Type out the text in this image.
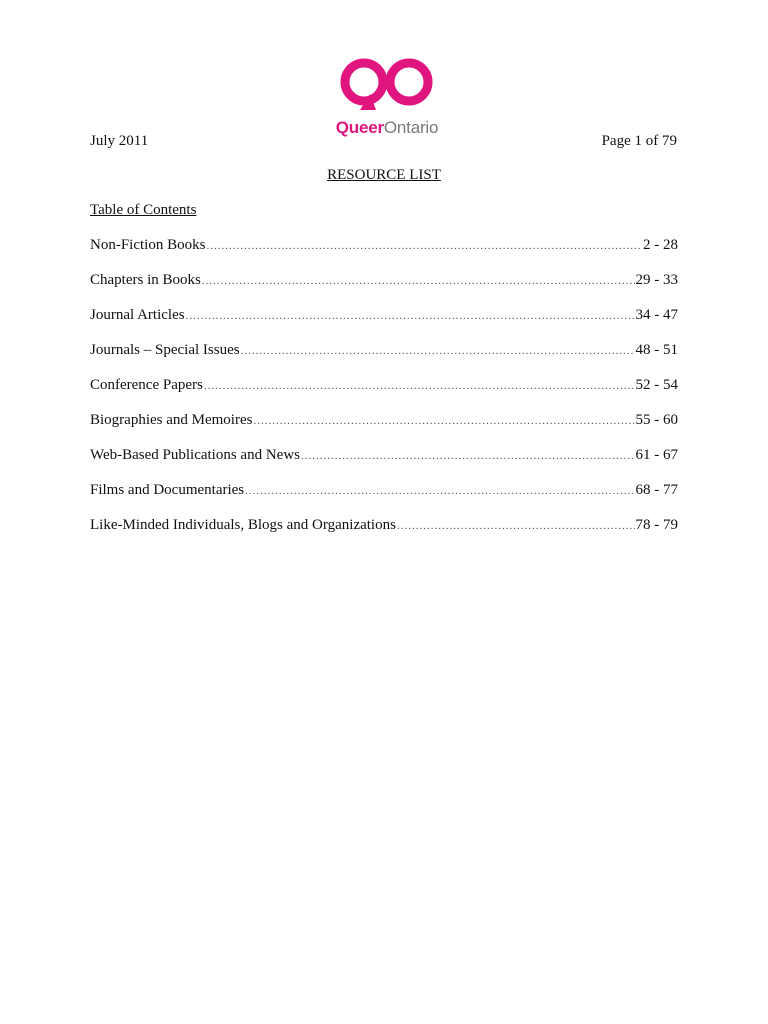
QueerOntario
July 2011	Page 1 of 79
RESOURCE LIST
Table of Contents
Non-Fiction Books .....	2 - 28
Chapters in Books .....	29 - 33
Journal Articles .....	34 - 47
Journals – Special Issues .....	48 - 51
Conference Papers .....	52 - 54
Biographies and Memoires .....	55 - 60
Web-Based Publications and News .....	61 - 67
Films and Documentaries .....	68 - 77
Like-Minded Individuals, Blogs and Organizations .....	78 - 79
